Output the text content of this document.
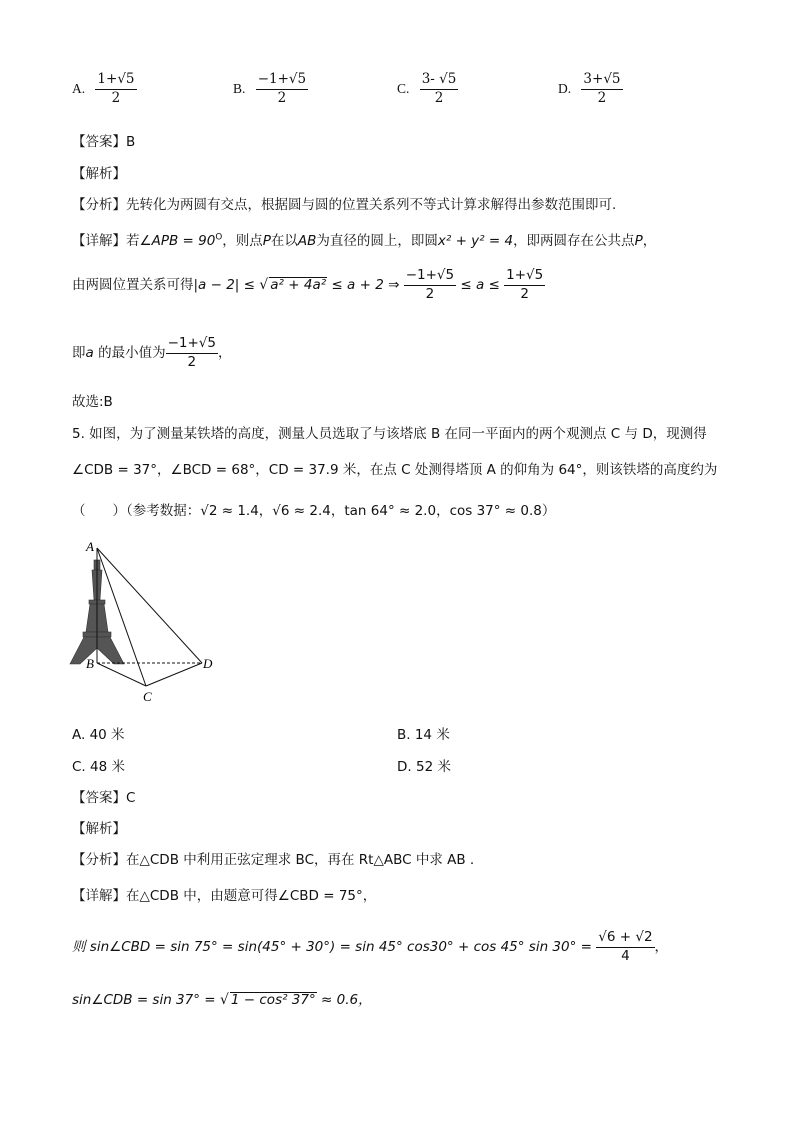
A. $\frac{1+√5}{2}$	B. $\frac{-1+√5}{2}$	C. $\frac{3- √5}{2}$	D. $\frac{3+√5}{2}$
【答案】B
【解析】
【分析】先转化为两圆有交点，根据圆与圆的位置关系列不等式计算求解得出参数范围即可.
【详解】若∠APB = $90^O$，则点P在以AB为直径的圆上，即圆x² + y² = 4，即两圆存在公共点P，
由两圆位置关系可得|a − 2| ≤ √ a² + 4a² ≤ a + 2 ⇒ $\frac{-1+√5}{2} \le a \le \frac{1+√5}{2}$
即a 的最小值为 $\frac{-1+√5}{2}$ ，
故选:B
5. 如图，为了测量某铁塔的高度，测量人员选取了与该塔底 B 在同一平面内的两个观测点 C 与 D，现测得
∠CDB = 37°，∠BCD = 68°，CD = 37.9 米，在点 C 处测得塔顶 A 的仰角为 64°，则该铁塔的高度约为
（　　）（参考数据：√2 ≈ 1.4，√6 ≈ 2.4，tan 64° ≈ 2.0，cos 37° ≈ 0.8）
A
B
C
D
A. 40 米	B. 14 米
C. 48 米	D. 52 米
【答案】C
【解析】
【分析】在△CDB 中利用正弦定理求 BC，再在 Rt△ABC 中求 AB .
【详解】在△CDB 中，由题意可得∠CBD = 75°，
则 sin∠CBD = sin 75° = sin(45° + 30°) = sin 45° cos30° + cos 45° $\sin 30^\circ = \frac{√6 + √2}{4}$ ，
sin∠CDB = sin 37° = √ 1 − cos² 37° ≈ 0.6，
